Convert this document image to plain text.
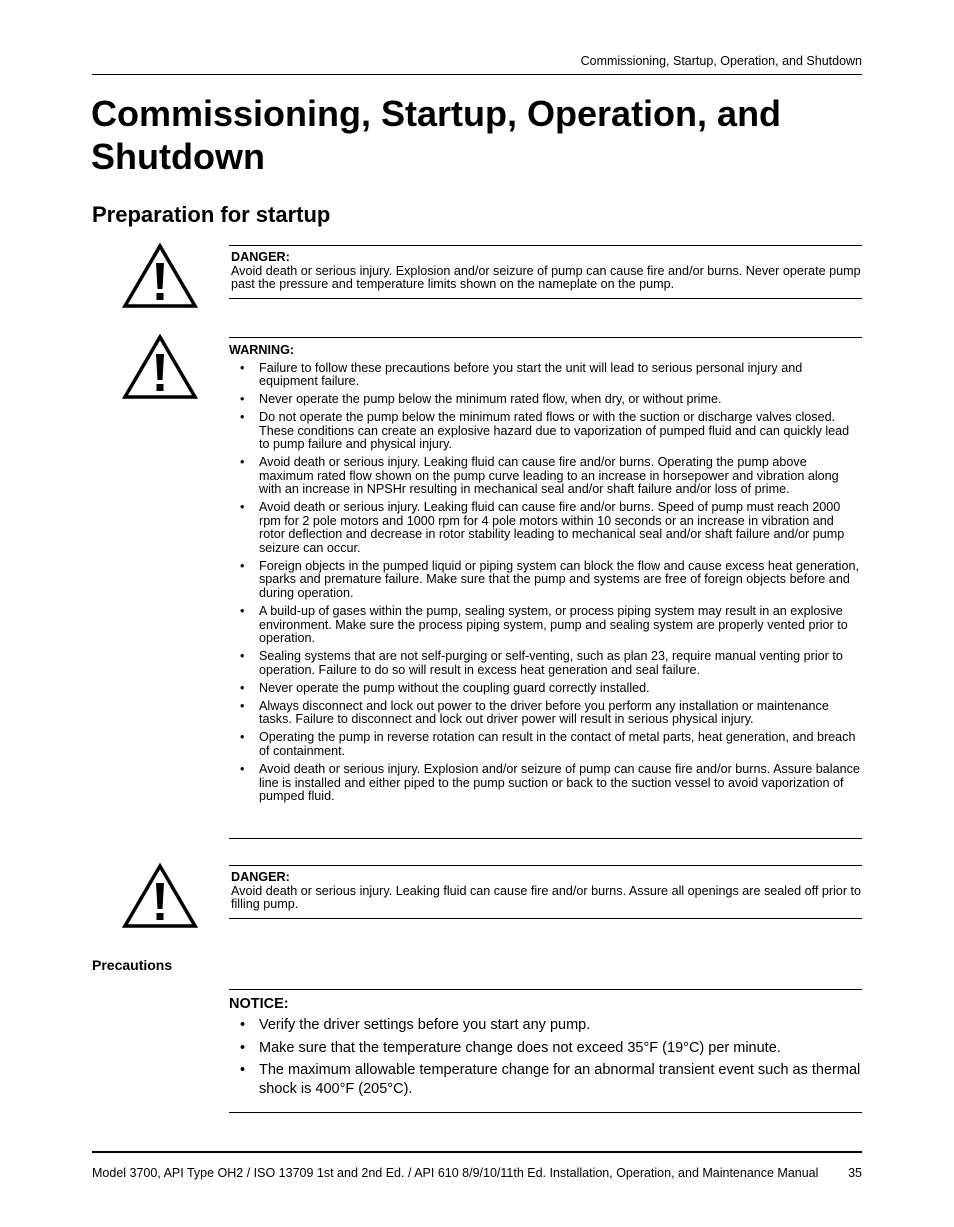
Commissioning, Startup, Operation, and Shutdown
Commissioning, Startup, Operation, and Shutdown
Preparation for startup
DANGER:

Avoid death or serious injury. Explosion and/or seizure of pump can cause fire and/or burns. Never operate pump past the pressure and temperature limits shown on the nameplate on the pump.

WARNING:
• Failure to follow these precautions before you start the unit will lead to serious personal injury and equipment failure.
• Never operate the pump below the minimum rated flow, when dry, or without prime.
• Do not operate the pump below the minimum rated flows or with the suction or discharge valves closed. These conditions can create an explosive hazard due to vaporization of pumped fluid and can quickly lead to pump failure and physical injury.
• Avoid death or serious injury. Leaking fluid can cause fire and/or burns. Operating the pump above maximum rated flow shown on the pump curve leading to an increase in horsepower and vibration along with an increase in NPSHr resulting in mechanical seal and/or shaft failure and/or loss of prime.
• Avoid death or serious injury. Leaking fluid can cause fire and/or burns. Speed of pump must reach 2000 rpm for 2 pole motors and 1000 rpm for 4 pole motors within 10 seconds or an increase in vibration and rotor deflection and decrease in rotor stability leading to mechanical seal and/or shaft failure and/or pump seizure can occur.
• Foreign objects in the pumped liquid or piping system can block the flow and cause excess heat generation, sparks and premature failure. Make sure that the pump and systems are free of foreign objects before and during operation.
• A build-up of gases within the pump, sealing system, or process piping system may result in an explosive environment. Make sure the process piping system, pump and sealing system are properly vented prior to operation.
• Sealing systems that are not self-purging or self-venting, such as plan 23, require manual venting prior to operation. Failure to do so will result in excess heat generation and seal failure.
• Never operate the pump without the coupling guard correctly installed.
• Always disconnect and lock out power to the driver before you perform any installation or maintenance tasks. Failure to disconnect and lock out driver power will result in serious physical injury.
• Operating the pump in reverse rotation can result in the contact of metal parts, heat generation, and breach of containment.
• Avoid death or serious injury. Explosion and/or seizure of pump can cause fire and/or burns. Assure balance line is installed and either piped to the pump suction or back to the suction vessel to avoid vaporization of pumped fluid.
DANGER:

Avoid death or serious injury. Leaking fluid can cause fire and/or burns. Assure all openings are sealed off prior to filling pump.

Precautions
NOTICE:
• Verify the driver settings before you start any pump.
• Make sure that the temperature change does not exceed 35°F (19°C) per minute.
• The maximum allowable temperature change for an abnormal transient event such as thermal shock is 400°F (205°C).
Model 3700, API Type OH2 / ISO 13709 1st and 2nd Ed. / API 610 8/9/10/11th Ed. Installation, Operation, and Maintenance Manual	35
